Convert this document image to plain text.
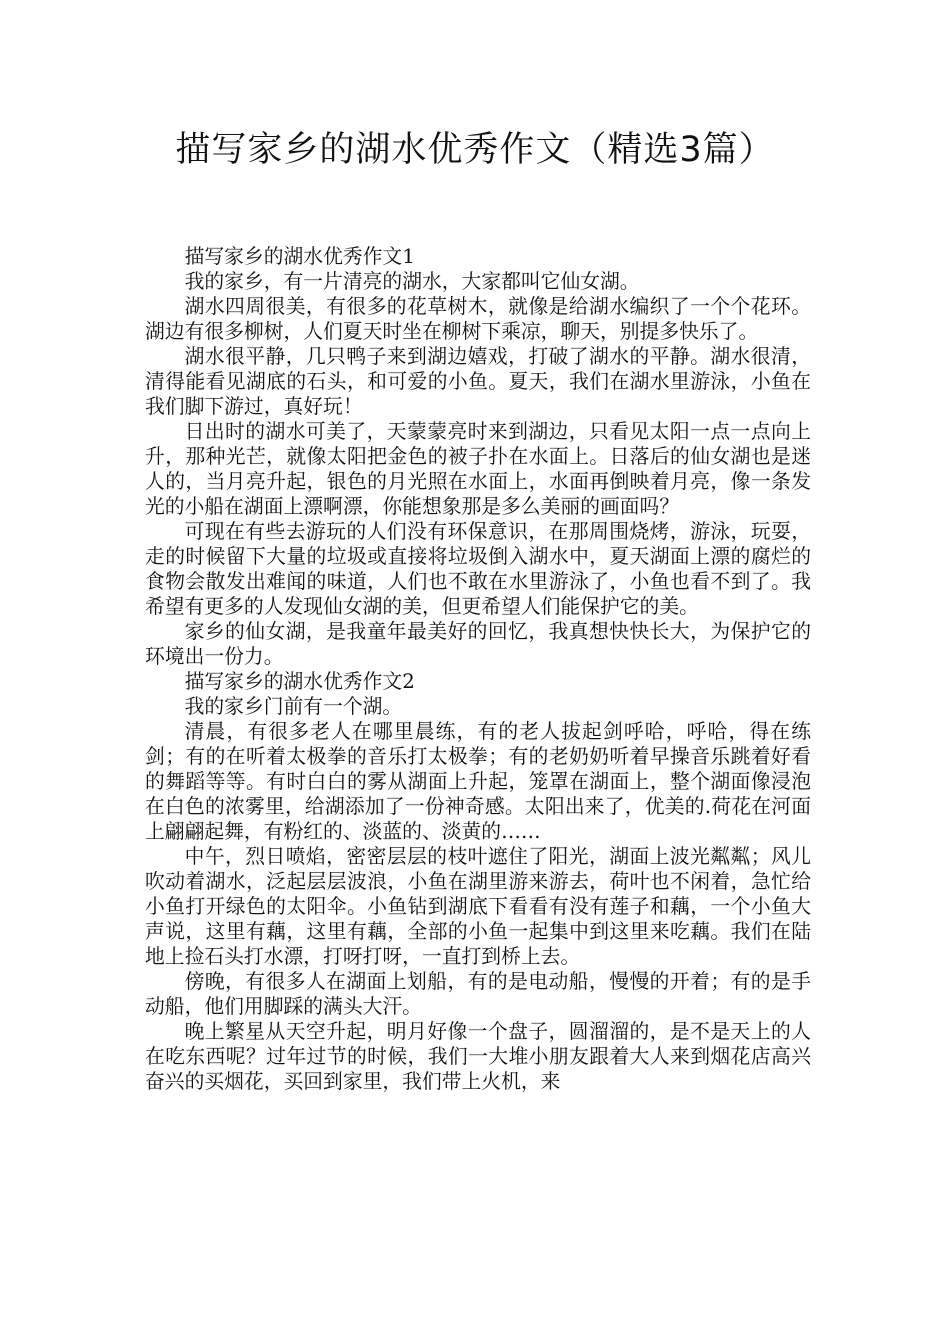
描写家乡的湖水优秀作文（精选3篇）

描写家乡的湖水优秀作文1

我的家乡，有一片清亮的湖水，大家都叫它仙女湖。

湖水四周很美，有很多的花草树木，就像是给湖水编织了一个个花环。湖边有很多柳树，人们夏天时坐在柳树下乘凉，聊天，别提多快乐了。

湖水很平静，几只鸭子来到湖边嬉戏，打破了湖水的平静。湖水很清，清得能看见湖底的石头，和可爱的小鱼。夏天，我们在湖水里游泳，小鱼在我们脚下游过，真好玩！

日出时的湖水可美了，天蒙蒙亮时来到湖边，只看见太阳一点一点向上升，那种光芒，就像太阳把金色的被子扑在水面上。日落后的仙女湖也是迷人的，当月亮升起，银色的月光照在水面上，水面再倒映着月亮，像一条发光的小船在湖面上漂啊漂，你能想象那是多么美丽的画面吗？

可现在有些去游玩的人们没有环保意识，在那周围烧烤，游泳，玩耍，走的时候留下大量的垃圾或直接将垃圾倒入湖水中，夏天湖面上漂的腐烂的食物会散发出难闻的味道，人们也不敢在水里游泳了，小鱼也看不到了。我希望有更多的人发现仙女湖的美，但更希望人们能保护它的美。

家乡的仙女湖，是我童年最美好的回忆，我真想快快长大，为保护它的环境出一份力。

描写家乡的湖水优秀作文2

我的家乡门前有一个湖。

清晨，有很多老人在哪里晨练，有的老人拔起剑呼哈，呼哈，得在练剑；有的在听着太极拳的音乐打太极拳；有的老奶奶听着早操音乐跳着好看的舞蹈等等。有时白白的雾从湖面上升起，笼罩在湖面上，整个湖面像浸泡在白色的浓雾里，给湖添加了一份神奇感。太阳出来了，优美的.荷花在河面上翩翩起舞，有粉红的、淡蓝的、淡黄的……

中午，烈日喷焰，密密层层的枝叶遮住了阳光，湖面上波光粼粼；风儿吹动着湖水，泛起层层波浪，小鱼在湖里游来游去，荷叶也不闲着，急忙给小鱼打开绿色的太阳伞。小鱼钻到湖底下看看有没有莲子和藕，一个小鱼大声说，这里有藕，这里有藕，全部的小鱼一起集中到这里来吃藕。我们在陆地上捡石头打水漂，打呀打呀，一直打到桥上去。

傍晚，有很多人在湖面上划船，有的是电动船，慢慢的开着；有的是手动船，他们用脚踩的满头大汗。

晚上繁星从天空升起，明月好像一个盘子，圆溜溜的，是不是天上的人在吃东西呢？过年过节的时候，我们一大堆小朋友跟着大人来到烟花店高兴奋兴的买烟花，买回到家里，我们带上火机，来
